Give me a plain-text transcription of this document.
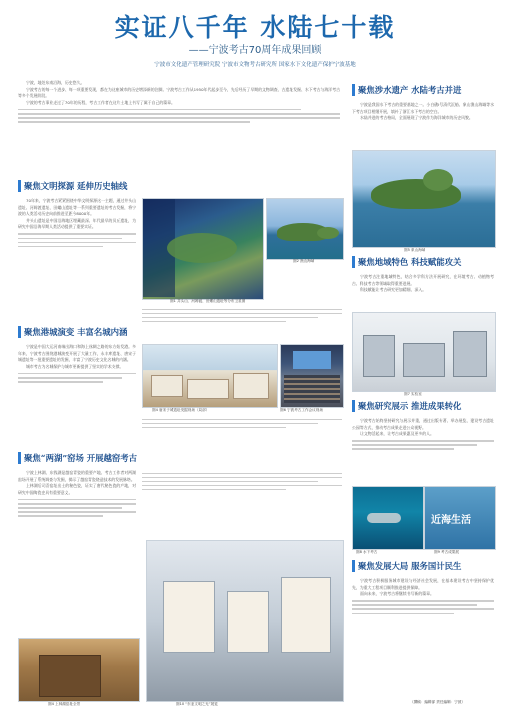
实证八千年 水陆七十载
——宁波考古70周年成果回顾
宁波市文化遗产管理研究院 宁波市文物考古研究所 国家水下文化遗产保护宁波基地
宁波，地处东南沿海，历史悠久。
宁波考古的每一个进步、每一项重要发现，都在为这座城市的历史增添新的注脚。宁波考古工作从1950年代起步至今，先后经历了早期的文物调查、古遗址发掘、水下考古与海洋考古等多个发展阶段。
宁波的考古事业走过了70年的历程，考古工作者在这片土地上书写了属于自己的篇章。
聚焦文明探源 延伸历史轴线
70年来，宁波考古紧紧围绕中华文明探源这一主题，通过井头山遗址、河姆渡遗址、田螺山遗址等一系列重要遗址的考古发掘，将宁波的人类活动历史向前推进至距今8000年。
井头山遗址是中国沿海地区埋藏最深、年代最早的贝丘遗址，为研究中国沿海早期人类活动提供了重要实证。
图1 井头山、河姆渡、田螺山遗址等分布卫星图
图2 渔山海域
聚焦港城演变 丰富名城内涵
宁波是中国大运河南端出海口和海上丝绸之路的东方始发港。多年来，宁波考古围绕港城演变开展了大量工作，永丰库遗址、唐宋子城遗址等一批重要遗址的发掘，丰富了宁波历史文化名城的内涵。
城市考古为名城保护与城市更新提供了坚实的学术支撑。
图4 唐宋子城遗址发掘现场（局部）	图6 宁波考古工作会议现场
聚焦“两湖”窑场 开展越窑考古
宁波上林湖、东钱湖是越窑青瓷的重要产地。考古工作者对两湖窑场开展了系统调查与发掘，揭示了越窑青瓷烧造技术的发展脉络。
上林湖后司岙窑址出土的秘色瓷，证实了唐代秘色瓷的产地，对研究中国陶瓷史具有重要意义。
图4 上林湖窑址全景	图10 “东亚文明之光”展览
聚焦涉水遗产 水陆考古并进
宁波是我国水下考古的重要基地之一。小白礁Ⅰ号清代沉船、象山渔山海域等水下考古项目相继开展，填补了浙江水下考古的空白。
水陆并进的考古格局，全面展现了宁波作为海洋城市的历史风貌。
图5 象山海域
聚焦地域特色 科技赋能攻关
宁波考古注重地域特色，结合多学科方法开展研究，在环境考古、动植物考古、科技考古等领域取得重要进展。
科技赋能让考古研究更加精细、深入。
图7 实验室
聚焦研究展示 推进成果转化
宁波考古始终坚持研究与展示并重，通过出版专著、举办展览、建设考古遗址公园等方式，推动考古成果走进公众视野。
让文物活起来，让考古成果惠及更多的人。
图8 水下考古
近海生活
图9 考古成果展
聚焦发展大局 服务国计民生
宁波考古积极服务城市建设与经济社会发展，在基本建设考古中坚持保护优先，为重大工程项目顺利推进提供保障。
面向未来，宁波考古将继续书写新的篇章。
（撰稿：编辑部 责任编辑：宁波）
